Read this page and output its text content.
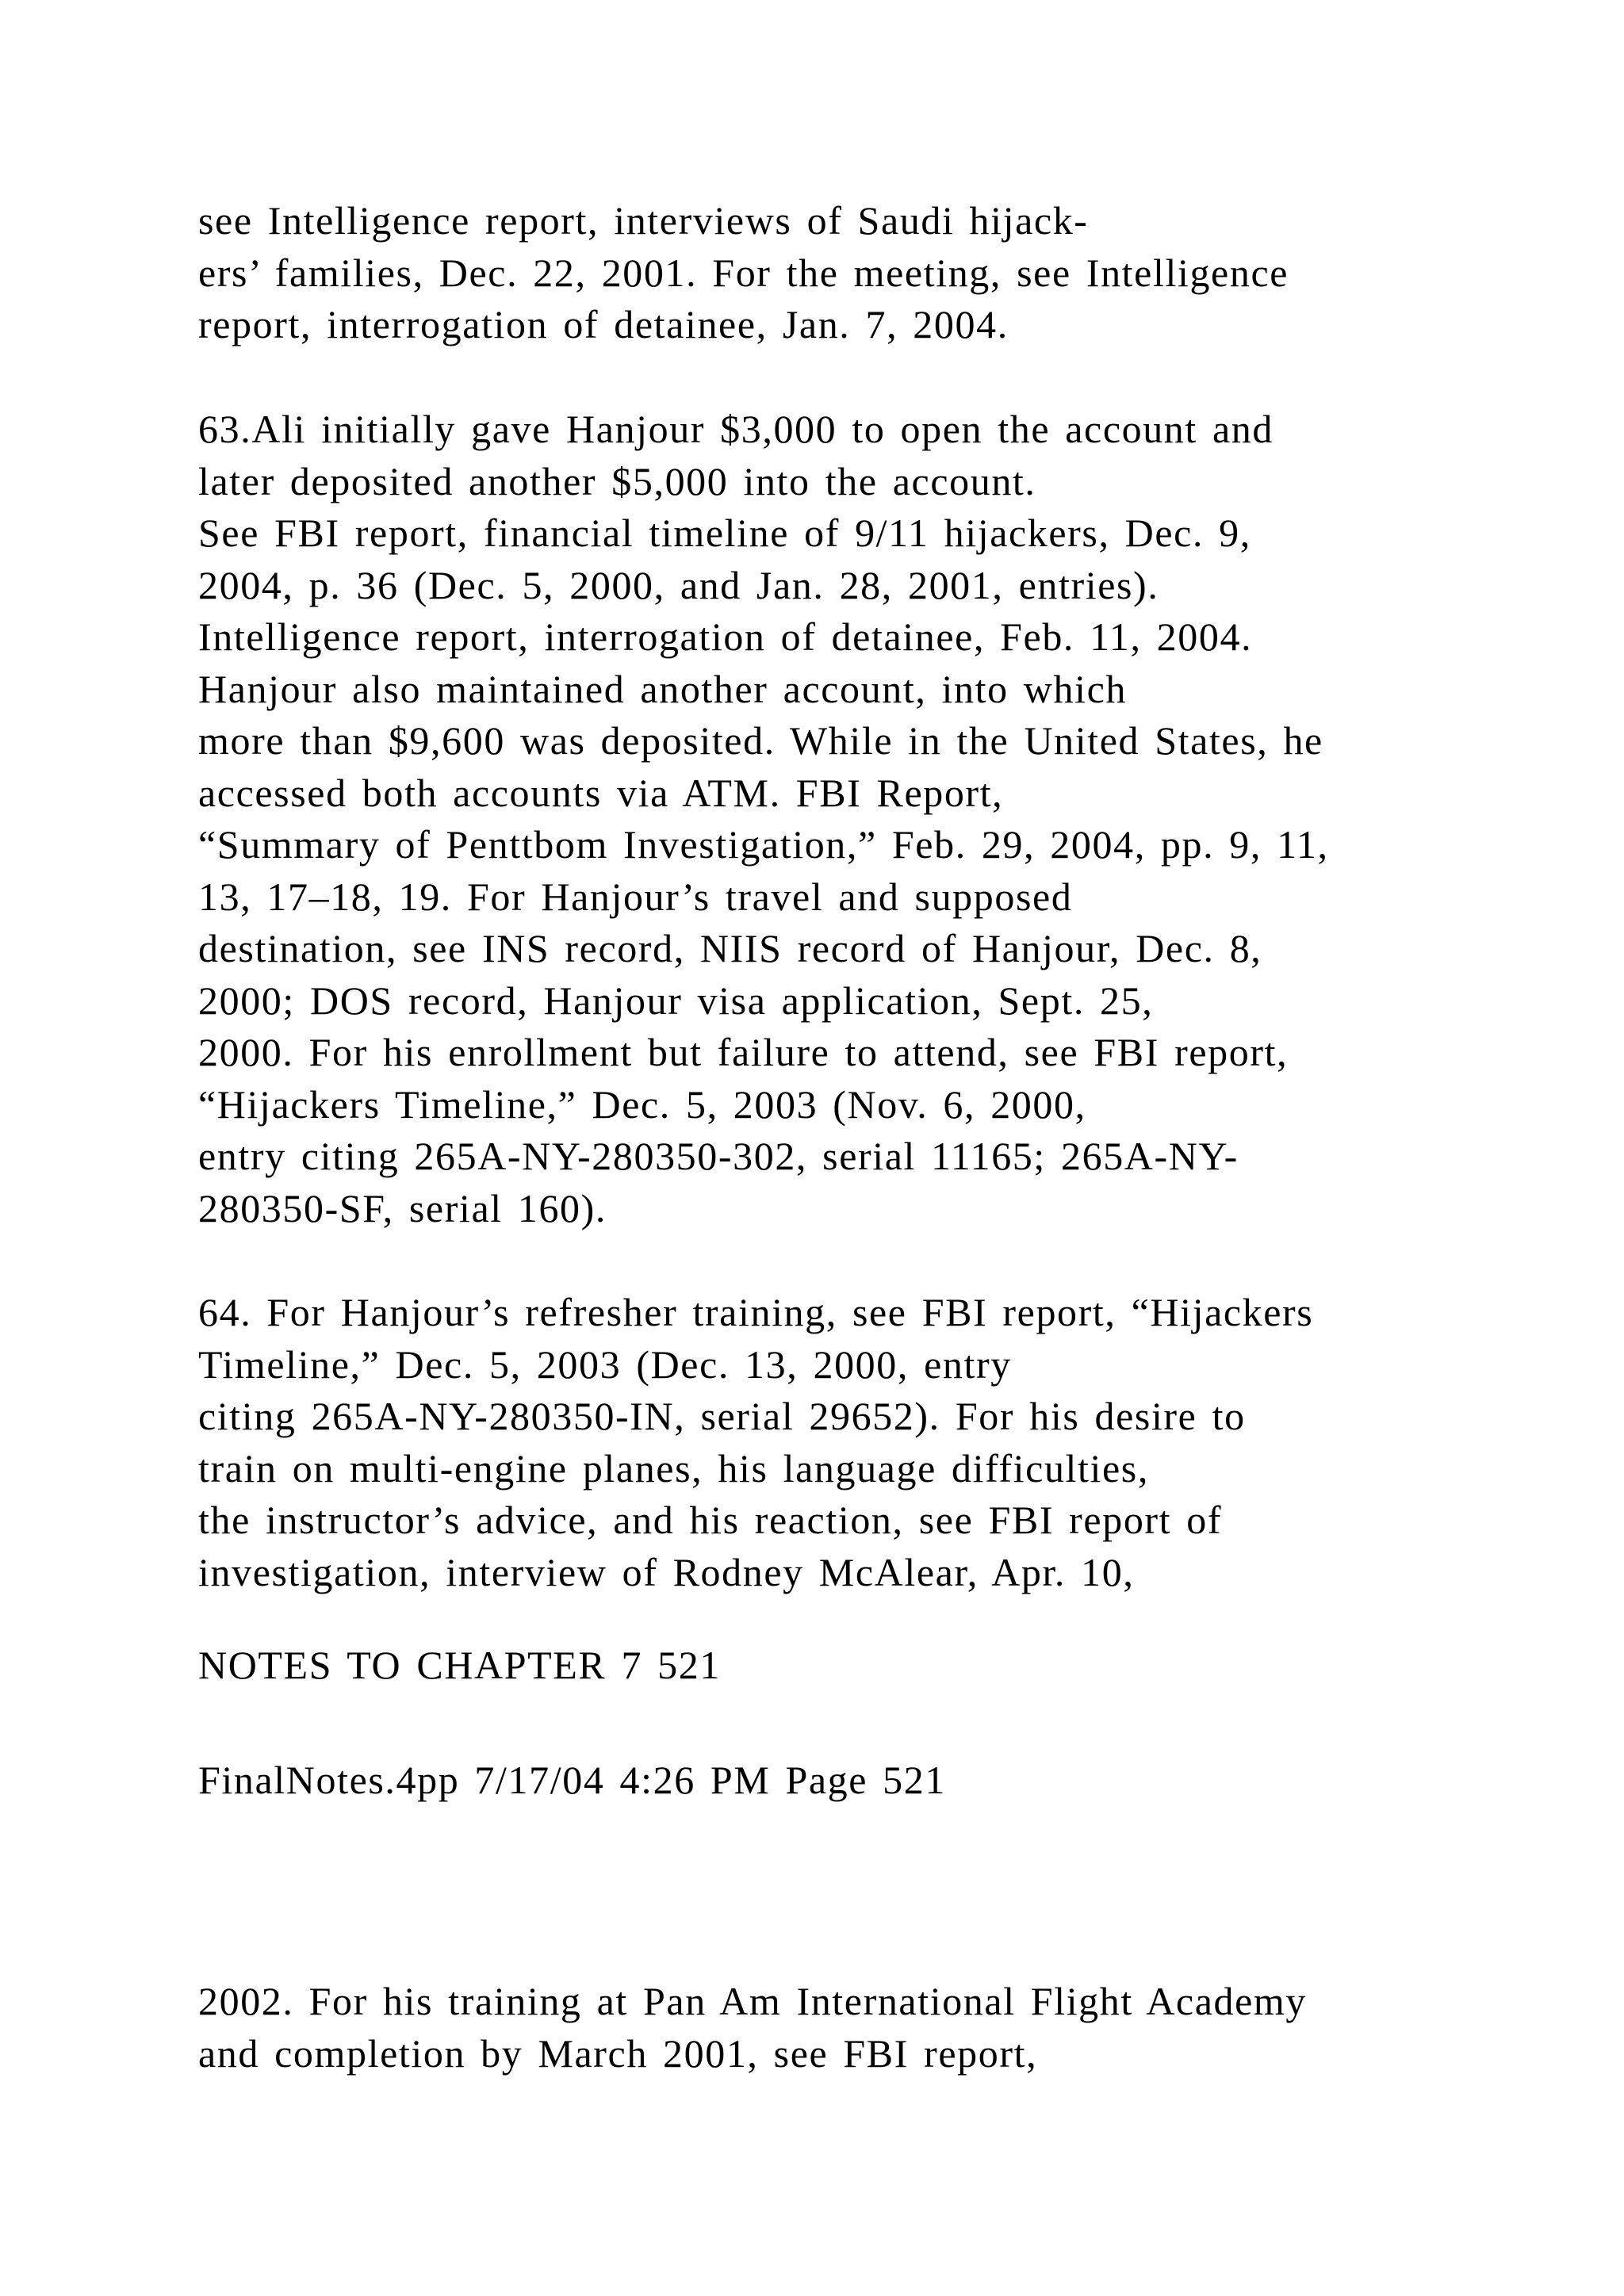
see Intelligence report, interviews of Saudi hijack-
ers’ families, Dec. 22, 2001. For the meeting, see Intelligence
report, interrogation of detainee, Jan. 7, 2004.
63.Ali initially gave Hanjour $3,000 to open the account and
later deposited another $5,000 into the account.
See FBI report, financial timeline of 9/11 hijackers, Dec. 9,
2004, p. 36 (Dec. 5, 2000, and Jan. 28, 2001, entries).
Intelligence report, interrogation of detainee, Feb. 11, 2004.
Hanjour also maintained another account, into which
more than $9,600 was deposited. While in the United States, he
accessed both accounts via ATM. FBI Report,
“Summary of Penttbom Investigation,” Feb. 29, 2004, pp. 9, 11,
13, 17–18, 19. For Hanjour’s travel and supposed
destination, see INS record, NIIS record of Hanjour, Dec. 8,
2000; DOS record, Hanjour visa application, Sept. 25,
2000. For his enrollment but failure to attend, see FBI report,
“Hijackers Timeline,” Dec. 5, 2003 (Nov. 6, 2000,
entry citing 265A-NY-280350-302, serial 11165; 265A-NY-
280350-SF, serial 160).
64. For Hanjour’s refresher training, see FBI report, “Hijackers
Timeline,” Dec. 5, 2003 (Dec. 13, 2000, entry
citing 265A-NY-280350-IN, serial 29652). For his desire to
train on multi-engine planes, his language difficulties,
the instructor’s advice, and his reaction, see FBI report of
investigation, interview of Rodney McAlear, Apr. 10,
NOTES TO CHAPTER 7 521
FinalNotes.4pp 7/17/04 4:26 PM Page 521
2002. For his training at Pan Am International Flight Academy
and completion by March 2001, see FBI report,
